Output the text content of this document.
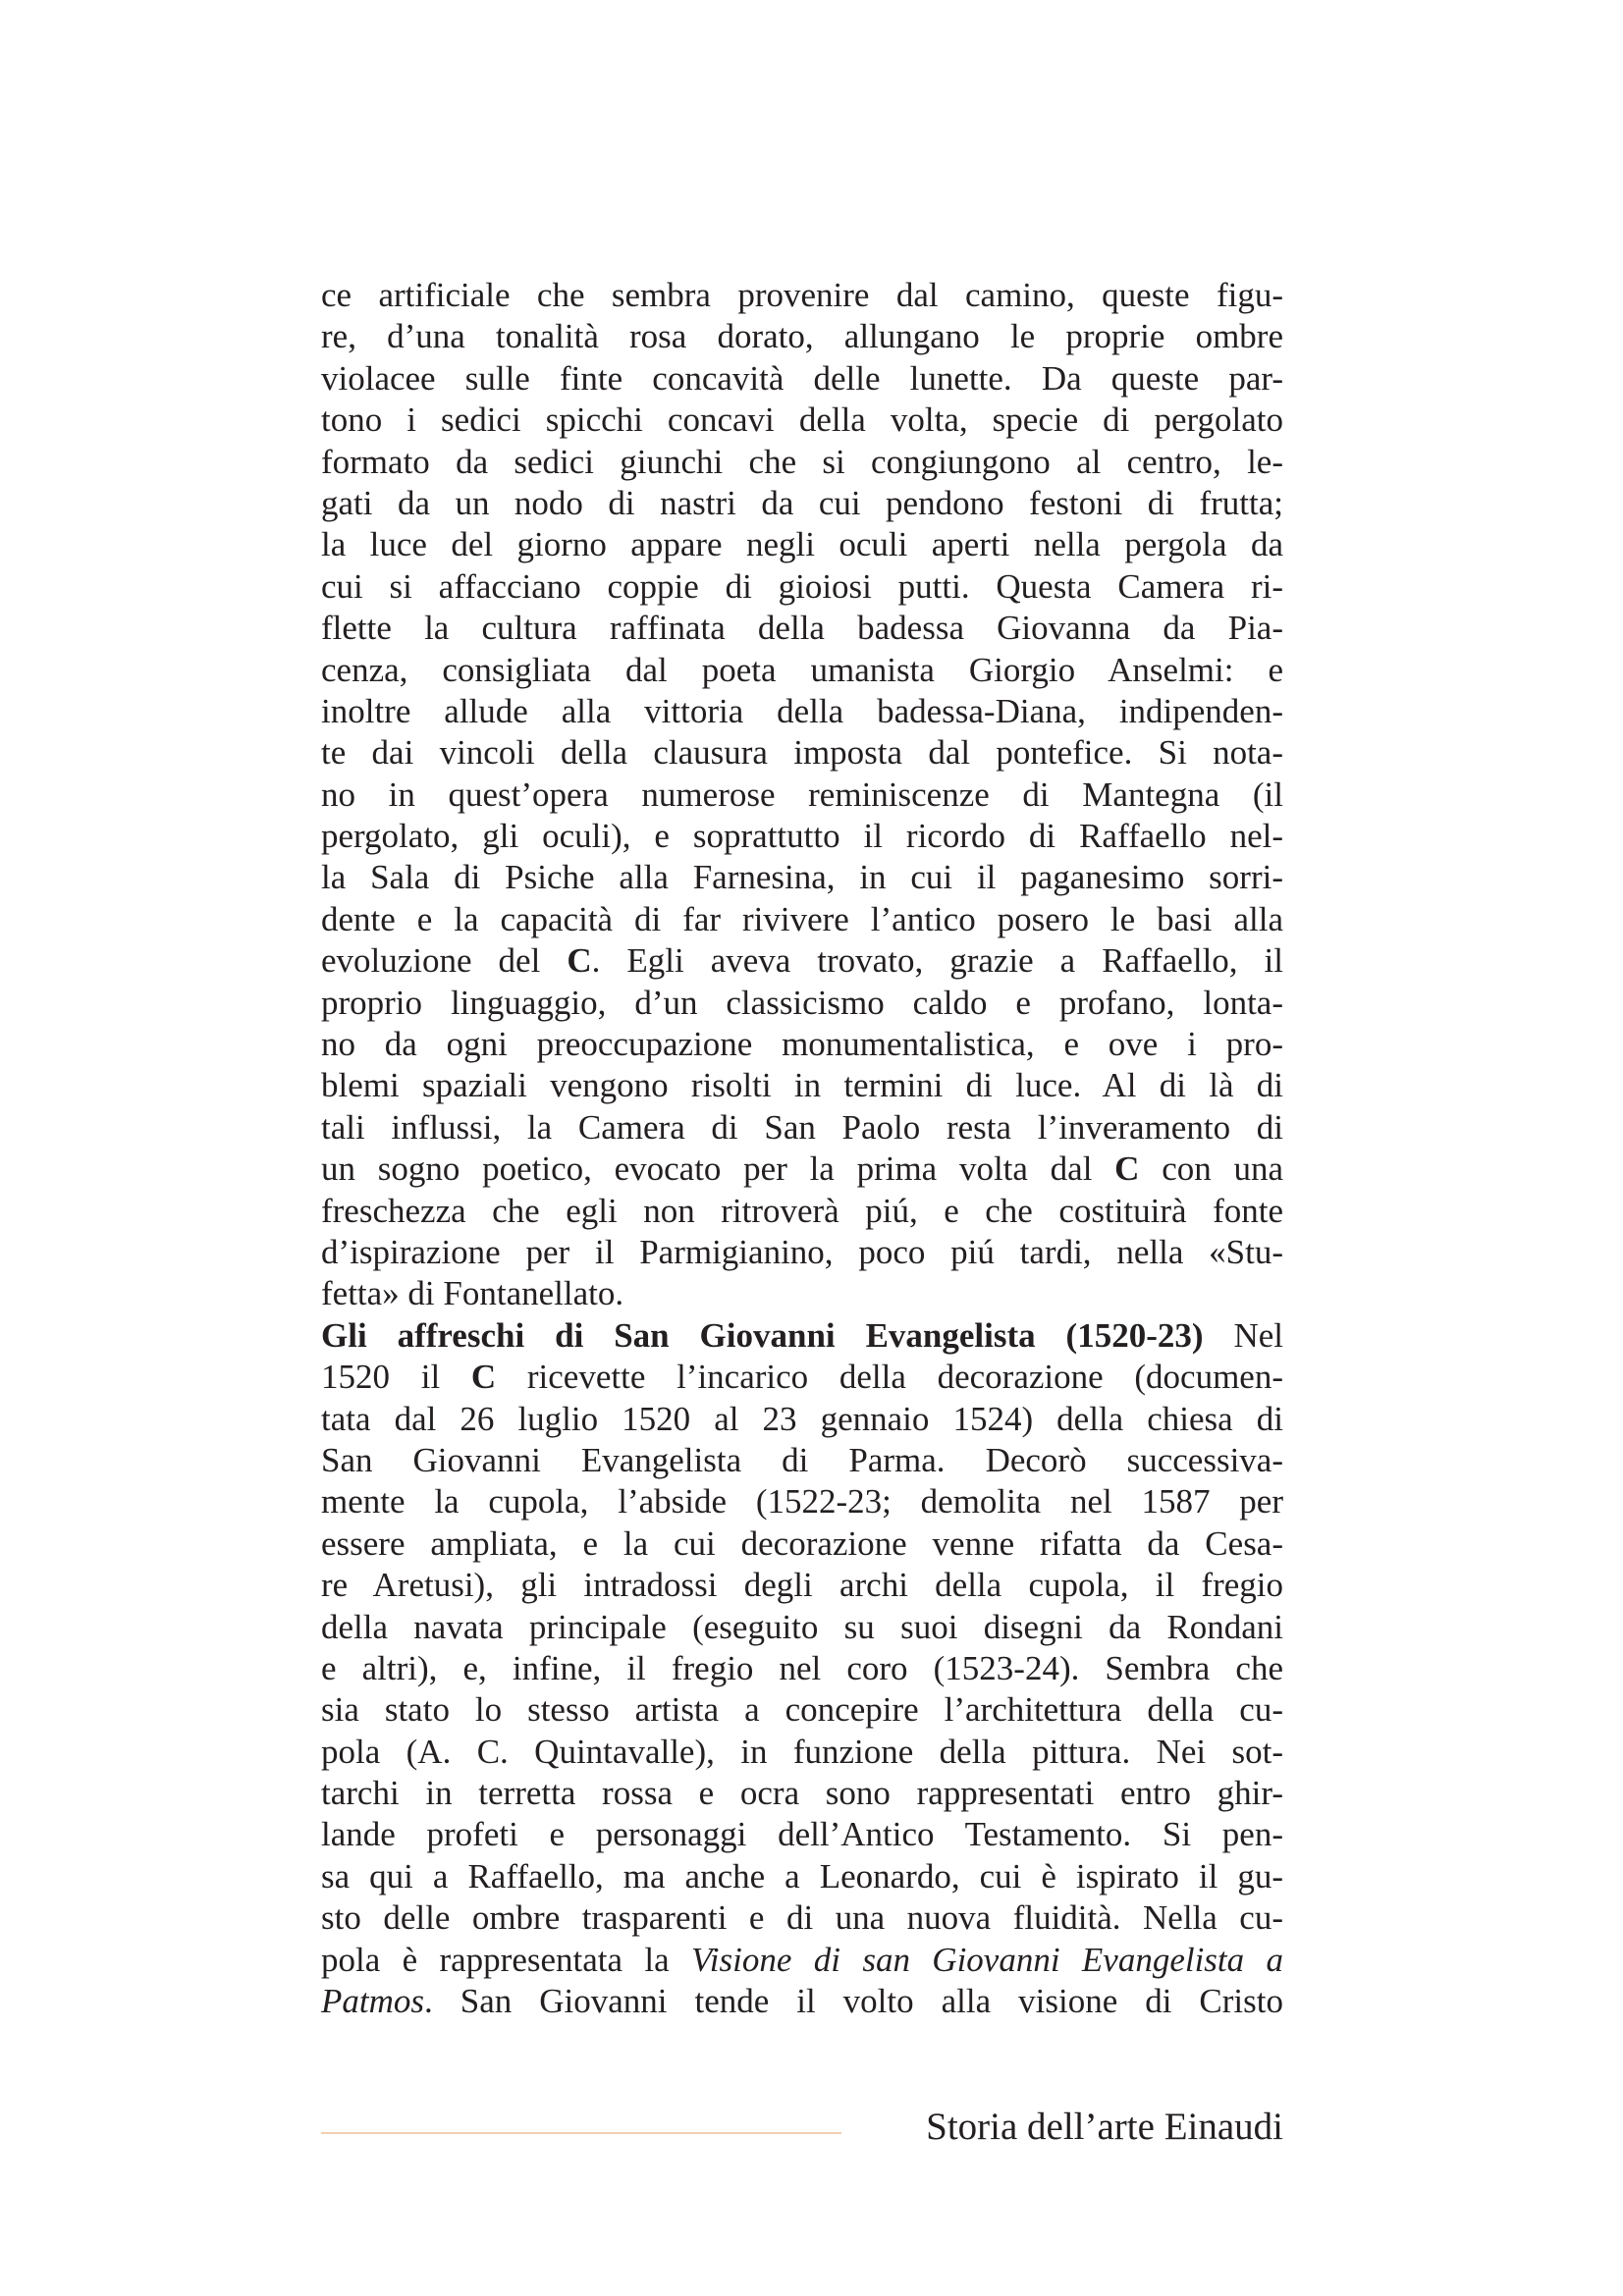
ce artificiale che sembra provenire dal camino, queste figu-
re, d’una tonalità rosa dorato, allungano le proprie ombre
violacee sulle finte concavità delle lunette. Da queste par-
tono i sedici spicchi concavi della volta, specie di pergolato
formato da sedici giunchi che si congiungono al centro, le-
gati da un nodo di nastri da cui pendono festoni di frutta;
la luce del giorno appare negli oculi aperti nella pergola da
cui si affacciano coppie di gioiosi putti. Questa Camera ri-
flette la cultura raffinata della badessa Giovanna da Pia-
cenza, consigliata dal poeta umanista Giorgio Anselmi: e
inoltre allude alla vittoria della badessa-Diana, indipenden-
te dai vincoli della clausura imposta dal pontefice. Si nota-
no in quest’opera numerose reminiscenze di Mantegna (il
pergolato, gli oculi), e soprattutto il ricordo di Raffaello nel-
la Sala di Psiche alla Farnesina, in cui il paganesimo sorri-
dente e la capacità di far rivivere l’antico posero le basi alla
evoluzione del C. Egli aveva trovato, grazie a Raffaello, il
proprio linguaggio, d’un classicismo caldo e profano, lonta-
no da ogni preoccupazione monumentalistica, e ove i pro-
blemi spaziali vengono risolti in termini di luce. Al di là di
tali influssi, la Camera di San Paolo resta l’inveramento di
un sogno poetico, evocato per la prima volta dal C con una
freschezza che egli non ritroverà piú, e che costituirà fonte
d’ispirazione per il Parmigianino, poco piú tardi, nella «Stu-
fetta» di Fontanellato.
Gli affreschi di San Giovanni Evangelista (1520-23) Nel
1520 il C ricevette l’incarico della decorazione (documen-
tata dal 26 luglio 1520 al 23 gennaio 1524) della chiesa di
San Giovanni Evangelista di Parma. Decorò successiva-
mente la cupola, l’abside (1522-23; demolita nel 1587 per
essere ampliata, e la cui decorazione venne rifatta da Cesa-
re Aretusi), gli intradossi degli archi della cupola, il fregio
della navata principale (eseguito su suoi disegni da Rondani
e altri), e, infine, il fregio nel coro (1523-24). Sembra che
sia stato lo stesso artista a concepire l’architettura della cu-
pola (A. C. Quintavalle), in funzione della pittura. Nei sot-
tarchi in terretta rossa e ocra sono rappresentati entro ghir-
lande profeti e personaggi dell’Antico Testamento. Si pen-
sa qui a Raffaello, ma anche a Leonardo, cui è ispirato il gu-
sto delle ombre trasparenti e di una nuova fluidità. Nella cu-
pola è rappresentata la Visione di san Giovanni Evangelista a
Patmos. San Giovanni tende il volto alla visione di Cristo
Storia dell’arte Einaudi
